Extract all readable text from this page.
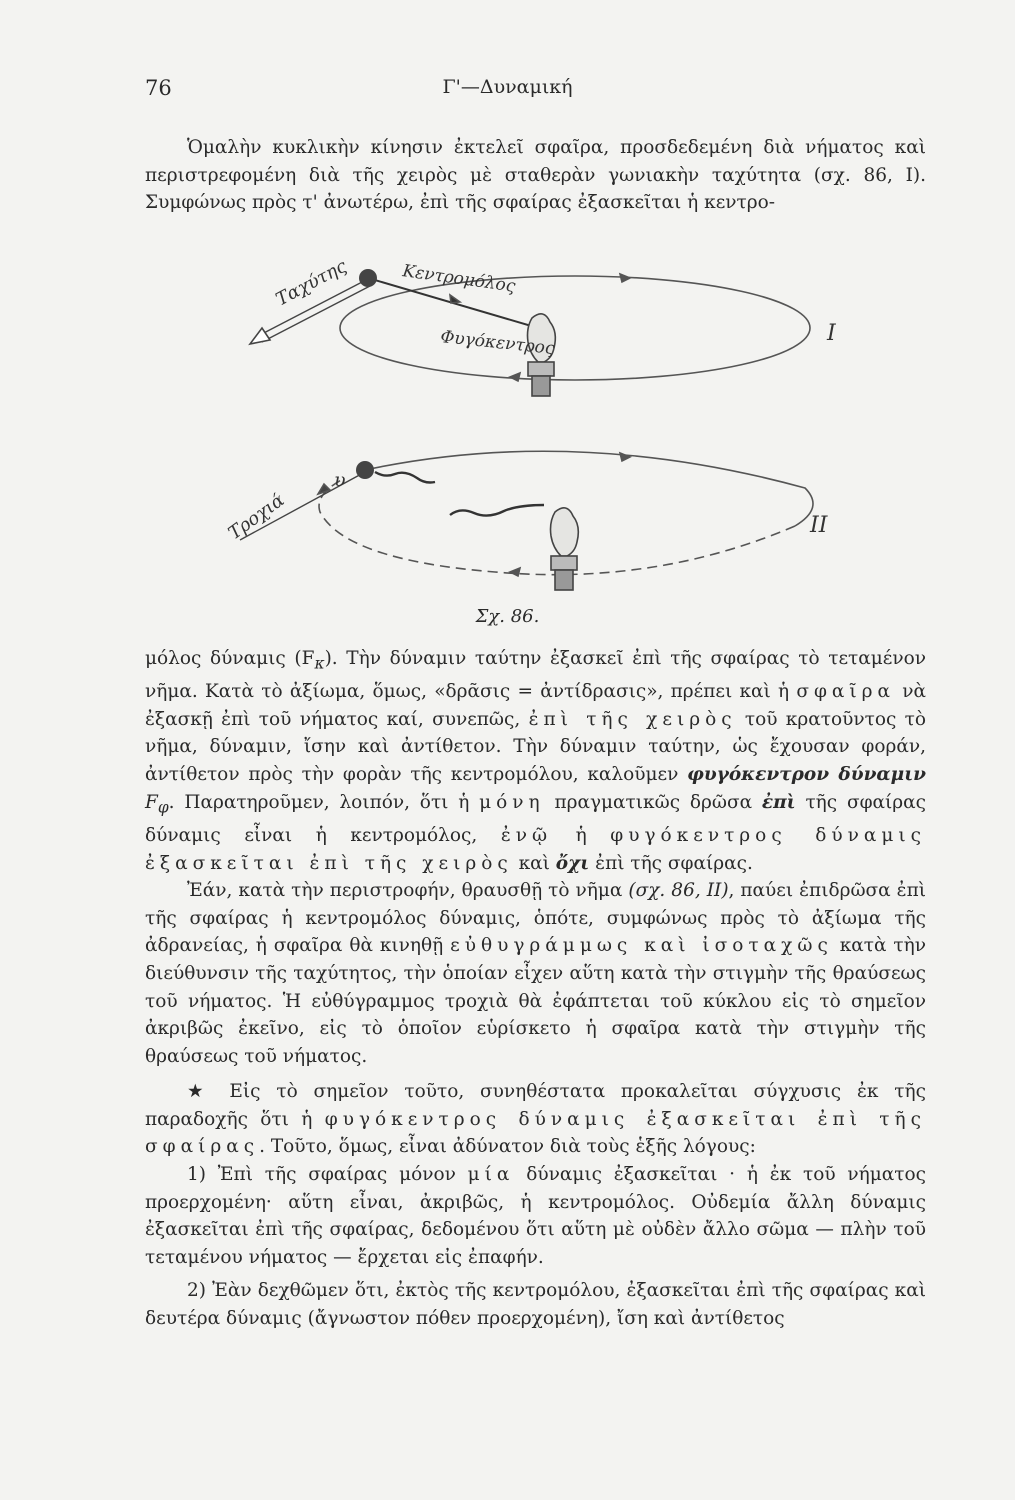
76	Γ'—Δυναμική

Ὁμαλὴν κυκλικὴν κίνησιν ἐκτελεῖ σφαῖρα, προσδεδεμένη διὰ νήματος καὶ περιστρεφομένη διὰ τῆς χειρὸς μὲ σταθερὰν γωνιακὴν ταχύτητα (σχ. 86, I). Συμφώνως πρὸς τ' ἀνωτέρω, ἐπὶ τῆς σφαίρας ἐξασκεῖται ἡ κεντρο-

Ταχύτης	Κεντρομόλος
Φυγόκεντρος	I
υ
Τροχιά	II
Σχ. 86.

μόλος δύναμις $(F_\kappa)$. Τὴν δύναμιν ταύτην ἐξασκεῖ ἐπὶ τῆς σφαίρας τὸ τεταμένον νῆμα. Κατὰ τὸ ἀξίωμα, ὅμως, «δρᾶσις = ἀντίδρασις», πρέπει καὶ ἡ σφαῖρα νὰ ἐξασκῇ ἐπὶ τοῦ νήματος καί, συνεπῶς, ἐπὶ τῆς χειρὸς τοῦ κρατοῦντος τὸ νῆμα, δύναμιν, ἴσην καὶ ἀντίθετον. Τὴν δύναμιν ταύτην, ὡς ἔχουσαν φοράν, ἀντίθετον πρὸς τὴν φορὰν τῆς κεντρομόλου, καλοῦμεν φυγόκεντρον δύναμιν $F_\varphi$. Παρατηροῦμεν, λοιπόν, ὅτι ἡ μόνη πραγματικῶς δρῶσα ἐπὶ τῆς σφαίρας δύναμις εἶναι ἡ κεντρομόλος, ἐνῷ ἡ φυγόκεντρος δύναμις ἐξασκεῖται ἐπὶ τῆς χειρὸς καὶ ὄχι ἐπὶ τῆς σφαίρας.

Ἐάν, κατὰ τὴν περιστροφήν, θραυσθῇ τὸ νῆμα (σχ. 86, II), παύει ἐπιδρῶσα ἐπὶ τῆς σφαίρας ἡ κεντρομόλος δύναμις, ὁπότε, συμφώνως πρὸς τὸ ἀξίωμα τῆς ἀδρανείας, ἡ σφαῖρα θὰ κινηθῇ εὐθυγράμμως καὶ ἰσοταχῶς κατὰ τὴν διεύθυνσιν τῆς ταχύτητος, τὴν ὁποίαν εἶχεν αὕτη κατὰ τὴν στιγμὴν τῆς θραύσεως τοῦ νήματος. Ἡ εὐθύγραμμος τροχιὰ θὰ ἐφάπτεται τοῦ κύκλου εἰς τὸ σημεῖον ἀκριβῶς ἐκεῖνο, εἰς τὸ ὁποῖον εὑρίσκετο ἡ σφαῖρα κατὰ τὴν στιγμὴν τῆς θραύσεως τοῦ νήματος.

★ Εἰς τὸ σημεῖον τοῦτο, συνηθέστατα προκαλεῖται σύγχυσις ἐκ τῆς παραδοχῆς ὅτι ἡ φυγόκεντρος δύναμις ἐξασκεῖται ἐπὶ τῆς σφαίρας. Τοῦτο, ὅμως, εἶναι ἀδύνατον διὰ τοὺς ἑξῆς λόγους:

1) Ἐπὶ τῆς σφαίρας μόνον μία δύναμις ἐξασκεῖται · ἡ ἐκ τοῦ νήματος προερχομένη· αὕτη εἶναι, ἀκριβῶς, ἡ κεντρομόλος. Οὐδεμία ἄλλη δύναμις ἐξασκεῖται ἐπὶ τῆς σφαίρας, δεδομένου ὅτι αὕτη μὲ οὐδὲν ἄλλο σῶμα — πλὴν τοῦ τεταμένου νήματος — ἔρχεται εἰς ἐπαφήν.

2) Ἐὰν δεχθῶμεν ὅτι, ἐκτὸς τῆς κεντρομόλου, ἐξασκεῖται ἐπὶ τῆς σφαίρας καὶ δευτέρα δύναμις (ἄγνωστον πόθεν προερχομένη), ἴση καὶ ἀντίθετος
